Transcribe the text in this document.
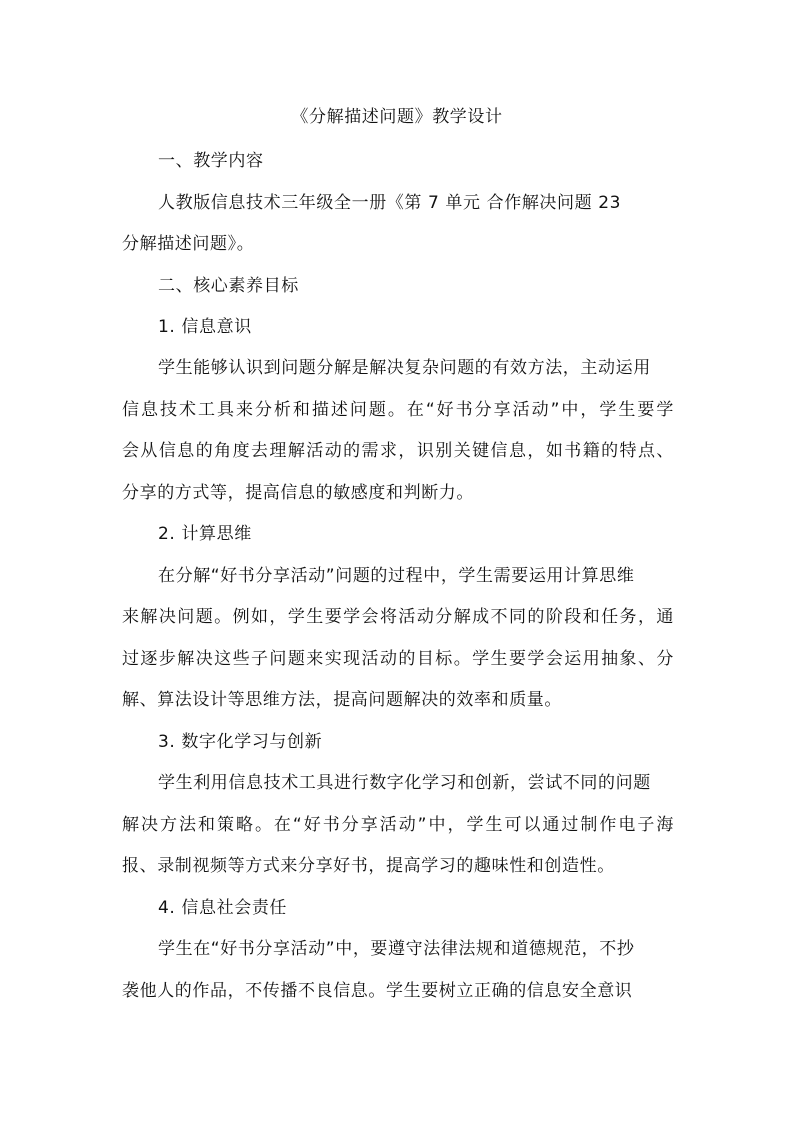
《分解描述问题》教学设计
一、教学内容
人教版信息技术三年级全一册《第 7 单元 合作解决问题 23
分解描述问题》。
二、核心素养目标
1. 信息意识
学生能够认识到问题分解是解决复杂问题的有效方法，主动运用
信息技术工具来分析和描述问题。在“好书分享活动”中，学生要学
会从信息的角度去理解活动的需求，识别关键信息，如书籍的特点、
分享的方式等，提高信息的敏感度和判断力。
2. 计算思维
在分解“好书分享活动”问题的过程中，学生需要运用计算思维
来解决问题。例如，学生要学会将活动分解成不同的阶段和任务，通
过逐步解决这些子问题来实现活动的目标。学生要学会运用抽象、分
解、算法设计等思维方法，提高问题解决的效率和质量。
3. 数字化学习与创新
学生利用信息技术工具进行数字化学习和创新，尝试不同的问题
解决方法和策略。在“好书分享活动”中，学生可以通过制作电子海
报、录制视频等方式来分享好书，提高学习的趣味性和创造性。
4. 信息社会责任
学生在“好书分享活动”中，要遵守法律法规和道德规范，不抄
袭他人的作品，不传播不良信息。学生要树立正确的信息安全意识
